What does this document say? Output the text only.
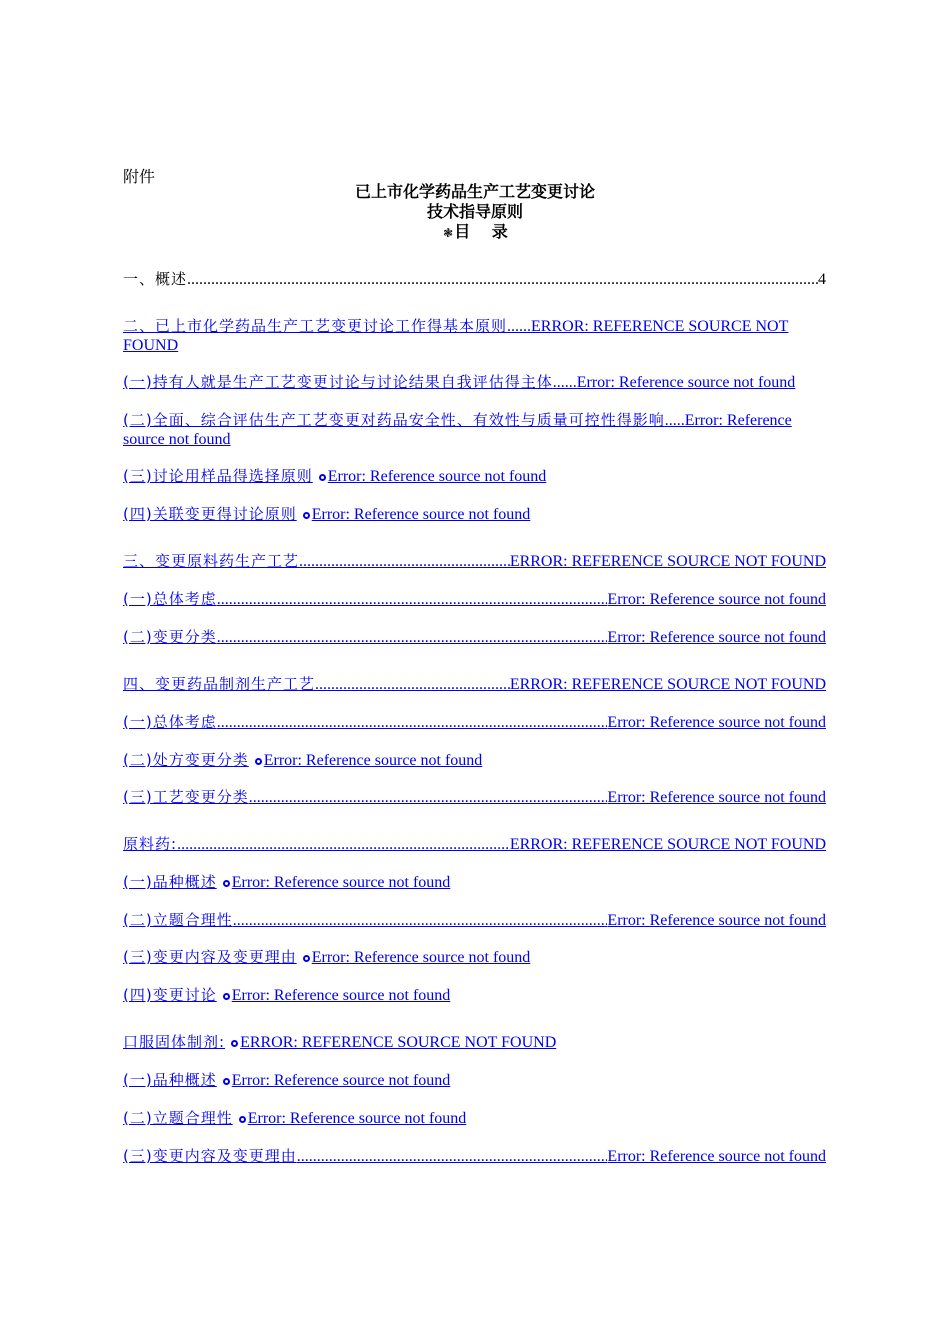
附件
已上市化学药品生产工艺变更讨论
技术指导原则
❃目　 录
一、概述 .....	4
二、已上市化学药品生产工艺变更讨论工作得基本原则......ERROR: REFERENCE SOURCE NOT FOUND
(一)持有人就是生产工艺变更讨论与讨论结果自我评估得主体 ......Error: Reference source not found
(二)全面、综合评估生产工艺变更对药品安全性、有效性与质量可控性得影响.....Error: Reference source not found
(三)讨论用样品得选择原则 Error: Reference source not found
(四)关联变更得讨论原则 Error: Reference source not found
三、变更原料药生产工艺 .....	ERROR: REFERENCE SOURCE NOT FOUND
(一)总体考虑 .....	Error: Reference source not found
(二)变更分类 .....	Error: Reference source not found
四、变更药品制剂生产工艺 .....	ERROR: REFERENCE SOURCE NOT FOUND
(一)总体考虑 .....	Error: Reference source not found
(二)处方变更分类 Error: Reference source not found
(三)工艺变更分类 .....	Error: Reference source not found
原料药: .....	ERROR: REFERENCE SOURCE NOT FOUND
(一)品种概述 Error: Reference source not found
(二)立题合理性 .....	Error: Reference source not found
(三)变更内容及变更理由 Error: Reference source not found
(四)变更讨论 Error: Reference source not found
口服固体制剂: ERROR: REFERENCE SOURCE NOT FOUND
(一)品种概述 Error: Reference source not found
(二)立题合理性 Error: Reference source not found
(三)变更内容及变更理由 .....	Error: Reference source not found
